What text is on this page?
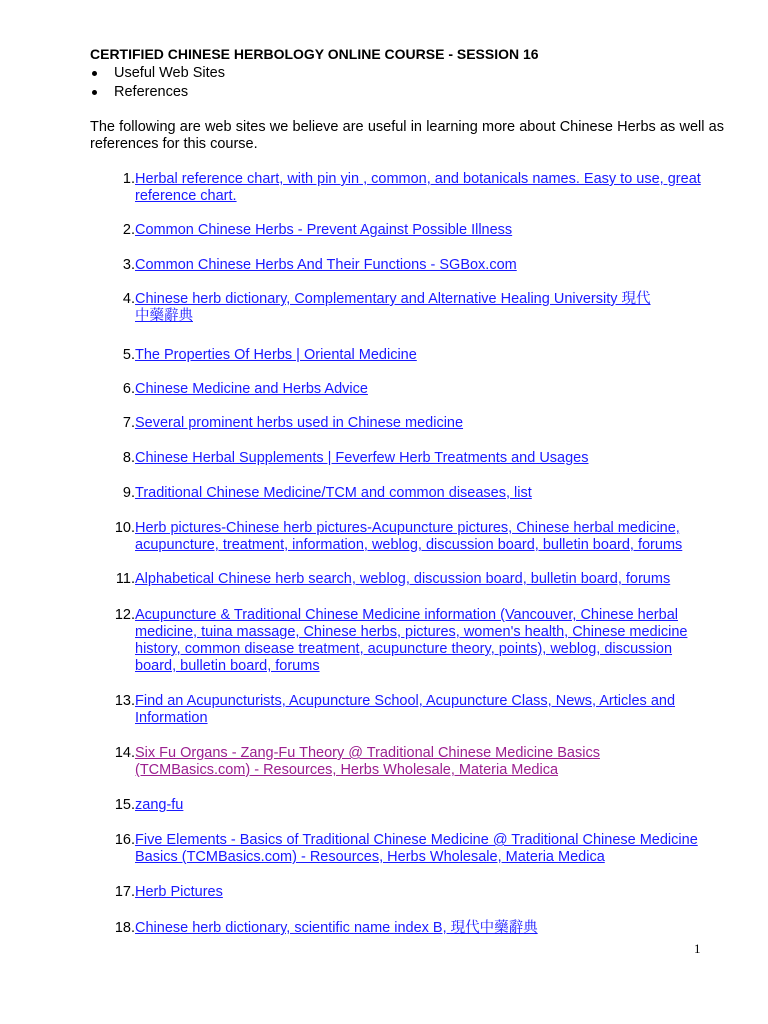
CERTIFIED CHINESE HERBOLOGY ONLINE COURSE - SESSION 16
Useful Web Sites
References
The following are web sites we believe are useful in learning more about Chinese Herbs as well as references for this course.
1. Herbal reference chart, with pin yin , common, and botanicals names. Easy to use, great reference chart.
2. Common Chinese Herbs - Prevent Against Possible Illness
3. Common Chinese Herbs And Their Functions - SGBox.com
4. Chinese herb dictionary, Complementary and Alternative Healing University 現代中藥辭典
5. The Properties Of Herbs | Oriental Medicine
6. Chinese Medicine and Herbs Advice
7. Several prominent herbs used in Chinese medicine
8. Chinese Herbal Supplements | Feverfew Herb Treatments and Usages
9. Traditional Chinese Medicine/TCM and common diseases, list
10. Herb pictures-Chinese herb pictures-Acupuncture pictures, Chinese herbal medicine, acupuncture, treatment, information, weblog, discussion board, bulletin board, forums
11. Alphabetical Chinese herb search, weblog, discussion board, bulletin board, forums
12. Acupuncture & Traditional Chinese Medicine information (Vancouver, Chinese herbal medicine, tuina massage, Chinese herbs, pictures, women's health, Chinese medicine history, common disease treatment, acupuncture theory, points), weblog, discussion board, bulletin board, forums
13. Find an Acupuncturists, Acupuncture School, Acupuncture Class, News, Articles and Information
14. Six Fu Organs - Zang-Fu Theory @ Traditional Chinese Medicine Basics (TCMBasics.com) - Resources, Herbs Wholesale, Materia Medica
15. zang-fu
16. Five Elements - Basics of Traditional Chinese Medicine @ Traditional Chinese Medicine Basics (TCMBasics.com) - Resources, Herbs Wholesale, Materia Medica
17. Herb Pictures
18. Chinese herb dictionary, scientific name index B, 現代中藥辭典
1
